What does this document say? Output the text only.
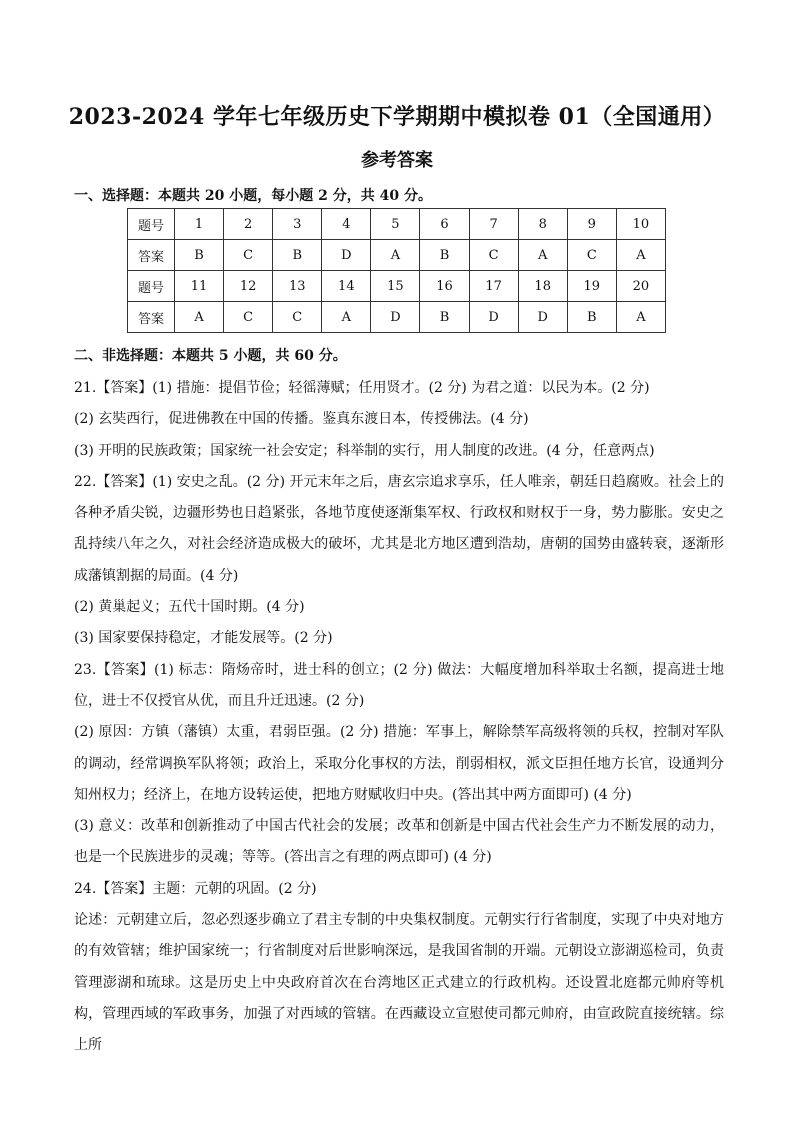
2023-2024 学年七年级历史下学期期中模拟卷 01（全国通用）
参考答案
一、选择题：本题共 20 小题，每小题 2 分，共 40 分。
题号	1	2	3	4	5	6	7	8	9	10
答案	B	C	B	D	A	B	C	A	C	A
题号	11	12	13	14	15	16	17	18	19	20
答案	A	C	C	A	D	B	D	D	B	A
二、非选择题：本题共 5 小题，共 60 分。

21.【答案】(1) 措施：提倡节俭；轻徭薄赋；任用贤才。(2 分) 为君之道：以民为本。(2 分)

(2) 玄奘西行，促进佛教在中国的传播。鉴真东渡日本，传授佛法。(4 分)

(3) 开明的民族政策；国家统一社会安定；科举制的实行，用人制度的改进。(4 分，任意两点)

22.【答案】(1) 安史之乱。(2 分) 开元末年之后，唐玄宗追求享乐，任人唯亲，朝廷日趋腐败。社会上的各种矛盾尖锐，边疆形势也日趋紧张，各地节度使逐渐集军权、行政权和财权于一身，势力膨胀。安史之乱持续八年之久，对社会经济造成极大的破坏，尤其是北方地区遭到浩劫，唐朝的国势由盛转衰，逐渐形成藩镇割据的局面。(4 分)

(2) 黄巢起义；五代十国时期。(4 分)

(3) 国家要保持稳定，才能发展等。(2 分)

23.【答案】(1) 标志：隋炀帝时，进士科的创立；(2 分) 做法：大幅度增加科举取士名额，提高进士地位，进士不仅授官从优，而且升迁迅速。(2 分)

(2) 原因：方镇（藩镇）太重，君弱臣强。(2 分) 措施：军事上，解除禁军高级将领的兵权，控制对军队的调动，经常调换军队将领；政治上，采取分化事权的方法，削弱相权，派文臣担任地方长官，设通判分知州权力；经济上，在地方设转运使，把地方财赋收归中央。(答出其中两方面即可) (4 分)

(3) 意义：改革和创新推动了中国古代社会的发展；改革和创新是中国古代社会生产力不断发展的动力，也是一个民族进步的灵魂；等等。(答出言之有理的两点即可) (4 分)

24.【答案】主题：元朝的巩固。(2 分)

论述：元朝建立后，忽必烈逐步确立了君主专制的中央集权制度。元朝实行行省制度，实现了中央对地方的有效管辖；维护国家统一；行省制度对后世影响深远，是我国省制的开端。元朝设立澎湖巡检司，负责管理澎湖和琉球。这是历史上中央政府首次在台湾地区正式建立的行政机构。还设置北庭都元帅府等机构，管理西域的军政事务，加强了对西域的管辖。在西藏设立宣慰使司都元帅府，由宣政院直接统辖。综上所
